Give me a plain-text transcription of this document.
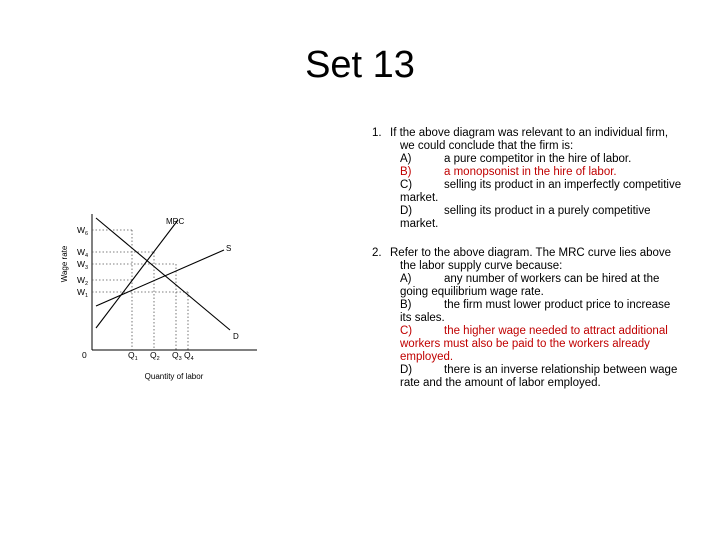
Set 13
MRC
S
D
Wage rate
$W_6$
$W_4$
$W_3$
$W_2$
$W_1$
0	$Q_1$ $Q_2$ $Q_3$ $Q_4$
Quantity of labor
1. If the above diagram was relevant to an individual firm, we could conclude that the firm is:
A)	a pure competitor in the hire of labor.
B)	a monopsonist in the hire of labor.
C)	selling its product in an imperfectly competitive market.
D)	selling its product in a purely competitive market.
2. Refer to the above diagram. The MRC curve lies above the labor supply curve because:
A)	any number of workers can be hired at the going equilibrium wage rate.
B)	the firm must lower product price to increase its sales.
C)	the higher wage needed to attract additional workers must also be paid to the workers already employed.
D)	there is an inverse relationship between wage rate and the amount of labor employed.
